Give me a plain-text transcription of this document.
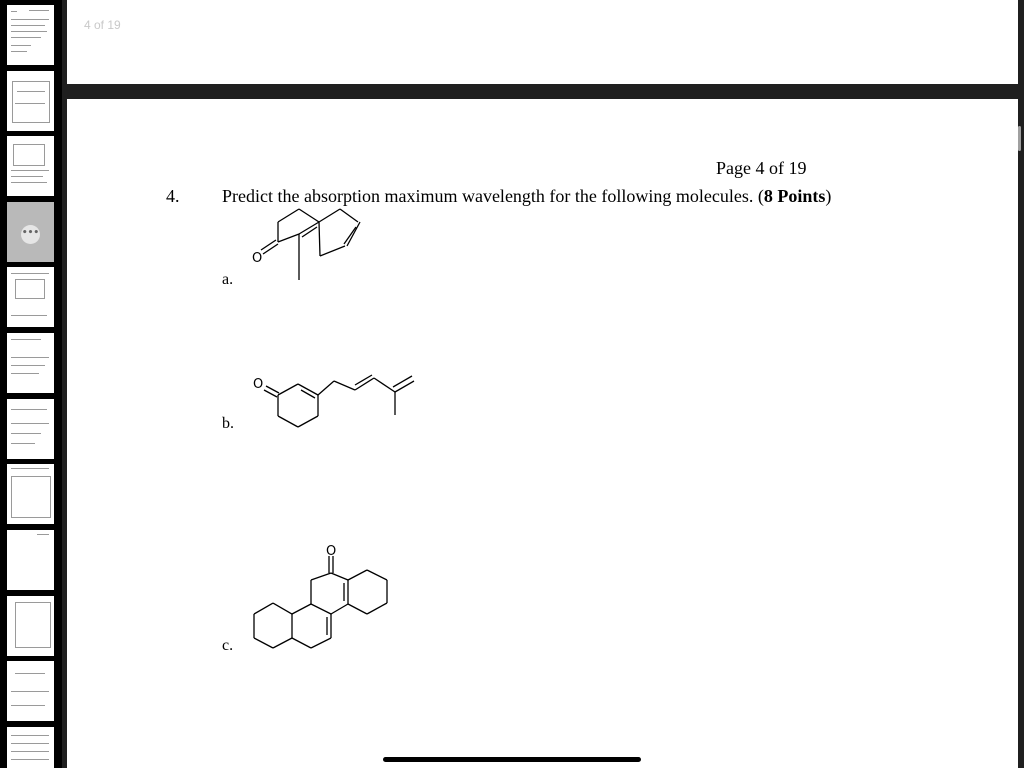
•••
4 of 19
Page 4 of 19
4. Predict the absorption maximum wavelength for the following molecules. (8 Points)
a.
b.
c.
O
O
O
